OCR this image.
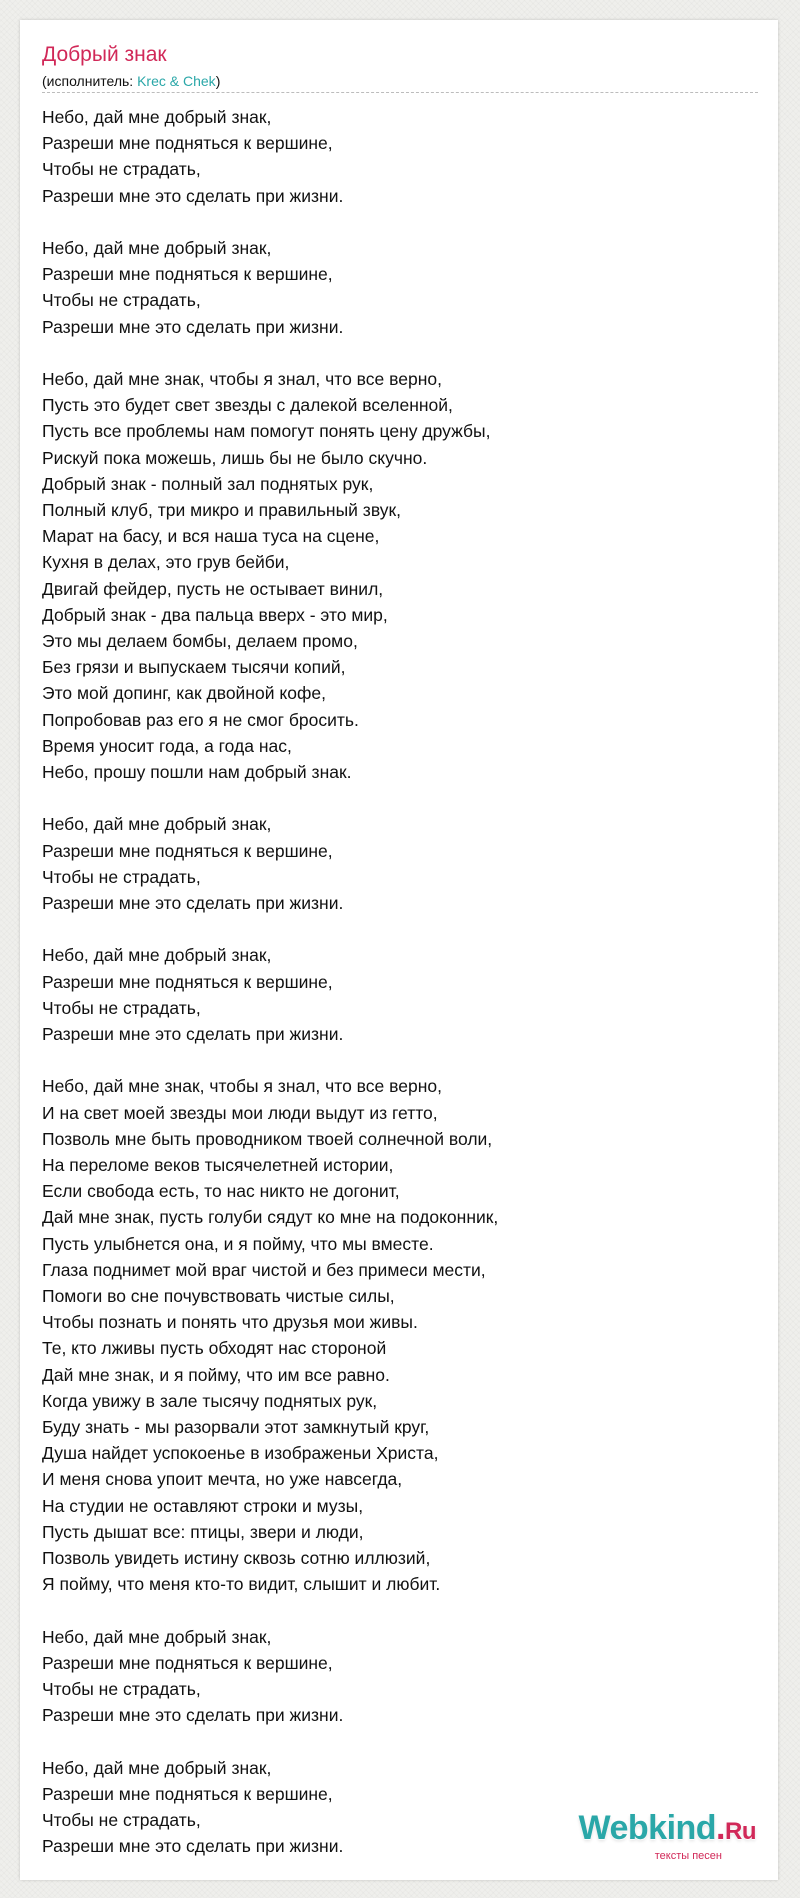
Добрый знак
(исполнитель: Krec & Chek)
Небо, дай мне добрый знак,
Разреши мне подняться к вершине,
Чтобы не страдать,
Разреши мне это сделать при жизни.
Небо, дай мне добрый знак,
Разреши мне подняться к вершине,
Чтобы не страдать,
Разреши мне это сделать при жизни.
Небо, дай мне знак, чтобы я знал, что все верно,
Пусть это будет свет звезды с далекой вселенной,
Пусть все проблемы нам помогут понять цену дружбы,
Рискуй пока можешь, лишь бы не было скучно.
Добрый знак - полный зал поднятых рук,
Полный клуб, три микро и правильный звук,
Марат на басу, и вся наша туса на сцене,
Кухня в делах, это грув бейби,
Двигай фейдер, пусть не остывает винил,
Добрый знак - два пальца вверх - это мир,
Это мы делаем бомбы, делаем промо,
Без грязи и выпускаем тысячи копий,
Это мой допинг, как двойной кофе,
Попробовав раз его я не смог бросить.
Время уносит года, а года нас,
Небо, прошу пошли нам добрый знак.
Небо, дай мне добрый знак,
Разреши мне подняться к вершине,
Чтобы не страдать,
Разреши мне это сделать при жизни.
Небо, дай мне добрый знак,
Разреши мне подняться к вершине,
Чтобы не страдать,
Разреши мне это сделать при жизни.
Небо, дай мне знак, чтобы я знал, что все верно,
И на свет моей звезды мои люди выдут из гетто,
Позволь мне быть проводником твоей солнечной воли,
На переломе веков тысячелетней истории,
Если свобода есть, то нас никто не догонит,
Дай мне знак, пусть голуби сядут ко мне на подоконник,
Пусть улыбнется она, и я пойму, что мы вместе.
Глаза поднимет мой враг чистой и без примеси мести,
Помоги во сне почувствовать чистые силы,
Чтобы познать и понять что друзья мои живы.
Те, кто лживы пусть обходят нас стороной
Дай мне знак, и я пойму, что им все равно.
Когда увижу в зале тысячу поднятых рук,
Буду знать - мы разорвали этот замкнутый круг,
Душа найдет успокоенье в изображеньи Христа,
И меня снова упоит мечта, но уже навсегда,
На студии не оставляют строки и музы,
Пусть дышат все: птицы, звери и люди,
Позволь увидеть истину сквозь сотню иллюзий,
Я пойму, что меня кто-то видит, слышит и любит.
Небо, дай мне добрый знак,
Разреши мне подняться к вершине,
Чтобы не страдать,
Разреши мне это сделать при жизни.
Небо, дай мне добрый знак,
Разреши мне подняться к вершине,
Чтобы не страдать,
Разреши мне это сделать при жизни.	Webkind.Ru
тексты песен
